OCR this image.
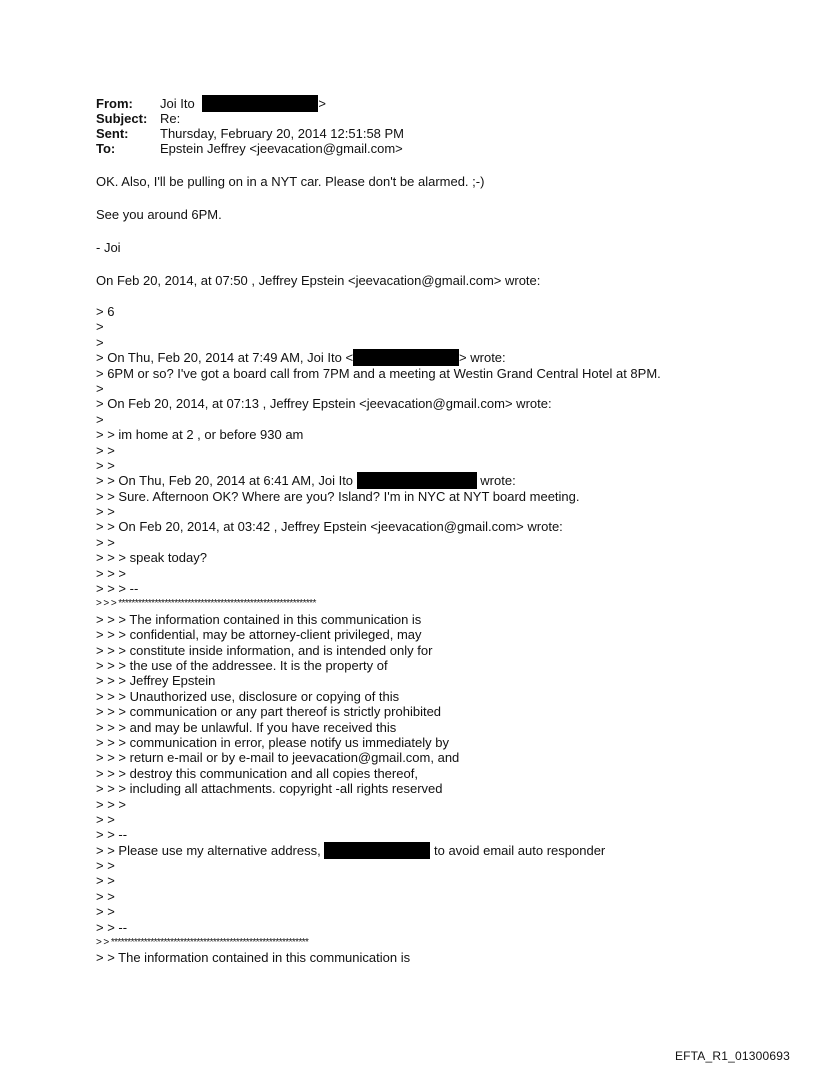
From:	Joi Ito	>
Subject: Re:
Sent:	Thursday, February 20, 2014 12:51:58 PM
To:	Epstein Jeffrey <jeevacation@gmail.com>
OK. Also, I'll be pulling on in a NYT car. Please don't be alarmed. ;-)
See you around 6PM.
- Joi
On Feb 20, 2014, at 07:50 , Jeffrey Epstein <jeevacation@gmail.com> wrote:
> 6
>
>
> On Thu, Feb 20, 2014 at 7:49 AM, Joi Ito <	> wrote:
> 6PM or so? I've got a board call from 7PM and a meeting at Westin Grand Central Hotel at 8PM.
>
> On Feb 20, 2014, at 07:13 , Jeffrey Epstein <jeevacation@gmail.com> wrote:
>
> > im home at 2 , or before 930 am
> >
> >
> > On Thu, Feb 20, 2014 at 6:41 AM, Joi Ito	wrote:
> > Sure. Afternoon OK? Where are you? Island? I'm in NYC at NYT board meeting.
> >
> > On Feb 20, 2014, at 03:42 , Jeffrey Epstein <jeevacation@gmail.com> wrote:
> >
> > > speak today?
> > >
> > > --
> > > ************************************************************
> > > The information contained in this communication is
> > > confidential, may be attorney-client privileged, may
> > > constitute inside information, and is intended only for
> > > the use of the addressee. It is the property of
> > > Jeffrey Epstein
> > > Unauthorized use, disclosure or copying of this
> > > communication or any part thereof is strictly prohibited
> > > and may be unlawful. If you have received this
> > > communication in error, please notify us immediately by
> > > return e-mail or by e-mail to jeevacation@gmail.com, and
> > > destroy this communication and all copies thereof,
> > > including all attachments. copyright -all rights reserved
> > >
> >
> > --
> > Please use my alternative address,	to avoid email auto responder
> >
> >
> >
> >
> > --
> > ************************************************************
> > The information contained in this communication is
EFTA_R1_01300693
